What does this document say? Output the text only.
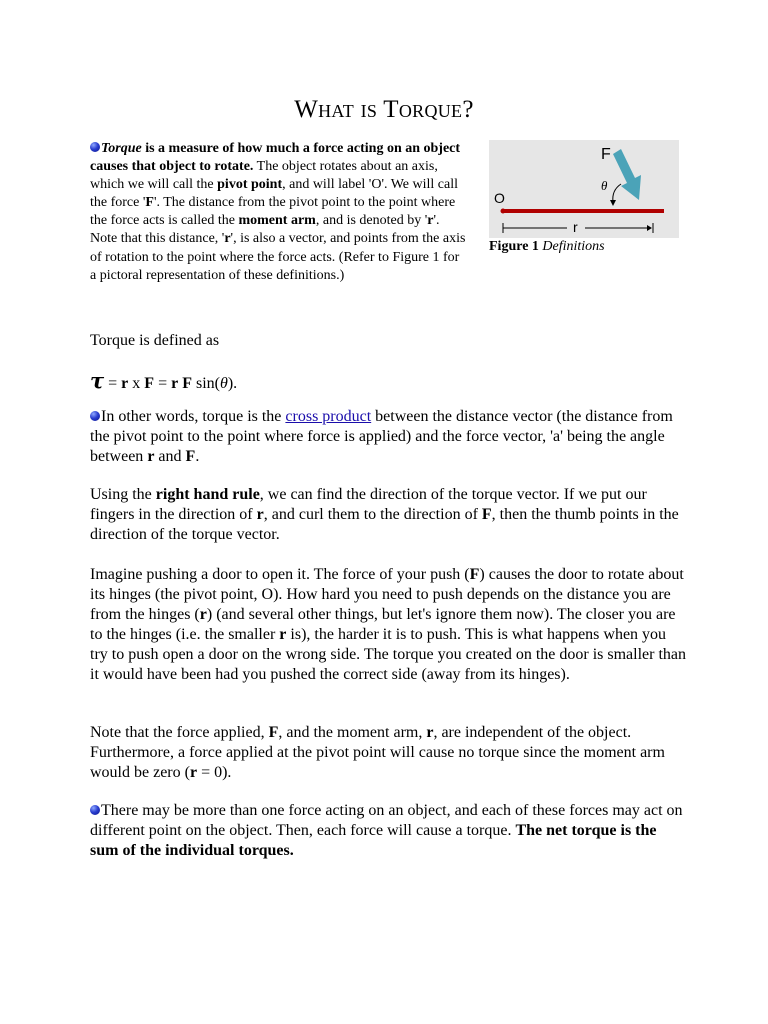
What is Torque?
Torque is a measure of how much a force acting on an object causes that object to rotate. The object rotates about an axis, which we will call the pivot point, and will label 'O'. We will call the force 'F'. The distance from the pivot point to the point where the force acts is called the moment arm, and is denoted by 'r'. Note that this distance, 'r', is also a vector, and points from the axis of rotation to the point where the force acts. (Refer to Figure 1 for a pictoral representation of these definitions.)
F
θ
O
r
Figure 1 Definitions

Torque is defined as

τ = r x F = r F sin(θ).

In other words, torque is the cross product between the distance vector (the distance from the pivot point to the point where force is applied) and the force vector, 'a' being the angle between r and F.

Using the right hand rule, we can find the direction of the torque vector. If we put our fingers in the direction of r, and curl them to the direction of F, then the thumb points in the direction of the torque vector.

Imagine pushing a door to open it. The force of your push (F) causes the door to rotate about its hinges (the pivot point, O). How hard you need to push depends on the distance you are from the hinges (r) (and several other things, but let's ignore them now). The closer you are to the hinges (i.e. the smaller r is), the harder it is to push. This is what happens when you try to push open a door on the wrong side. The torque you created on the door is smaller than it would have been had you pushed the correct side (away from its hinges).

Note that the force applied, F, and the moment arm, r, are independent of the object. Furthermore, a force applied at the pivot point will cause no torque since the moment arm would be zero (r = 0).

There may be more than one force acting on an object, and each of these forces may act on different point on the object. Then, each force will cause a torque. The net torque is the sum of the individual torques.
